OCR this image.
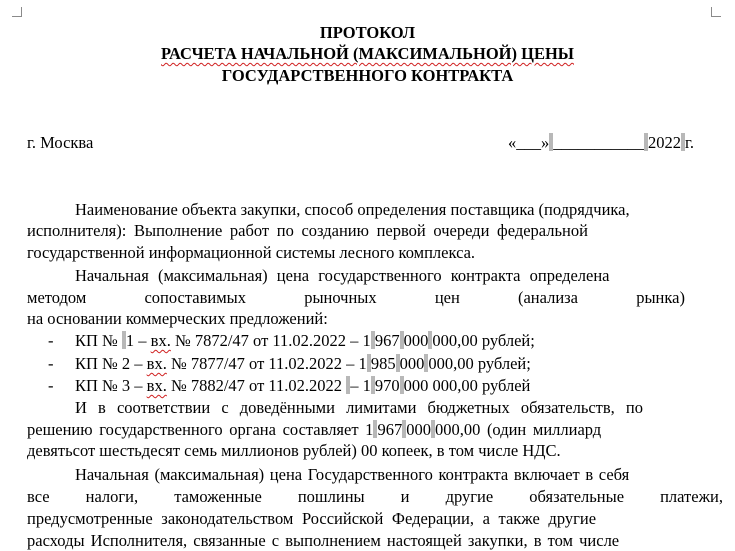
ПРОТОКОЛ
РАСЧЕТА НАЧАЛЬНОЙ (МАКСИМАЛЬНОЙ) ЦЕНЫ
ГОСУДАРСТВЕННОГО КОНТРАКТА
г. Москва	«___» ___________ 2022 г.
Наименование объекта закупки, способ определения поставщика (подрядчика,
исполнителя): Выполнение работ по созданию первой очереди федеральной
государственной информационной системы лесного комплекса.
Начальная (максимальная) цена государственного контракта определена
методом	сопоставимых	рыночных	цен	(анализа	рынка)
на основании коммерческих предложений:
- КП № 1 – вх. № 7872/47 от 11.02.2022 – 1 967 000 000,00 рублей;
- КП № 2 – вх. № 7877/47 от 11.02.2022 – 1 985 000 000,00 рублей;
- КП № 3 – вх. № 7882/47 от 11.02.2022 – 1 970 000 000,00 рублей
И в соответствии с доведёнными лимитами бюджетных обязательств, по
решению государственного органа составляет 1 967 000 000,00 (один миллиард
девятьсот шестьдесят семь миллионов рублей) 00 копеек, в том числе НДС.
Начальная (максимальная) цена Государственного контракта включает в себя
все налоги, таможенные пошлины и другие обязательные платежи,
предусмотренные законодательством Российской Федерации, а также другие
расходы Исполнителя, связанные с выполнением настоящей закупки, в том числе
